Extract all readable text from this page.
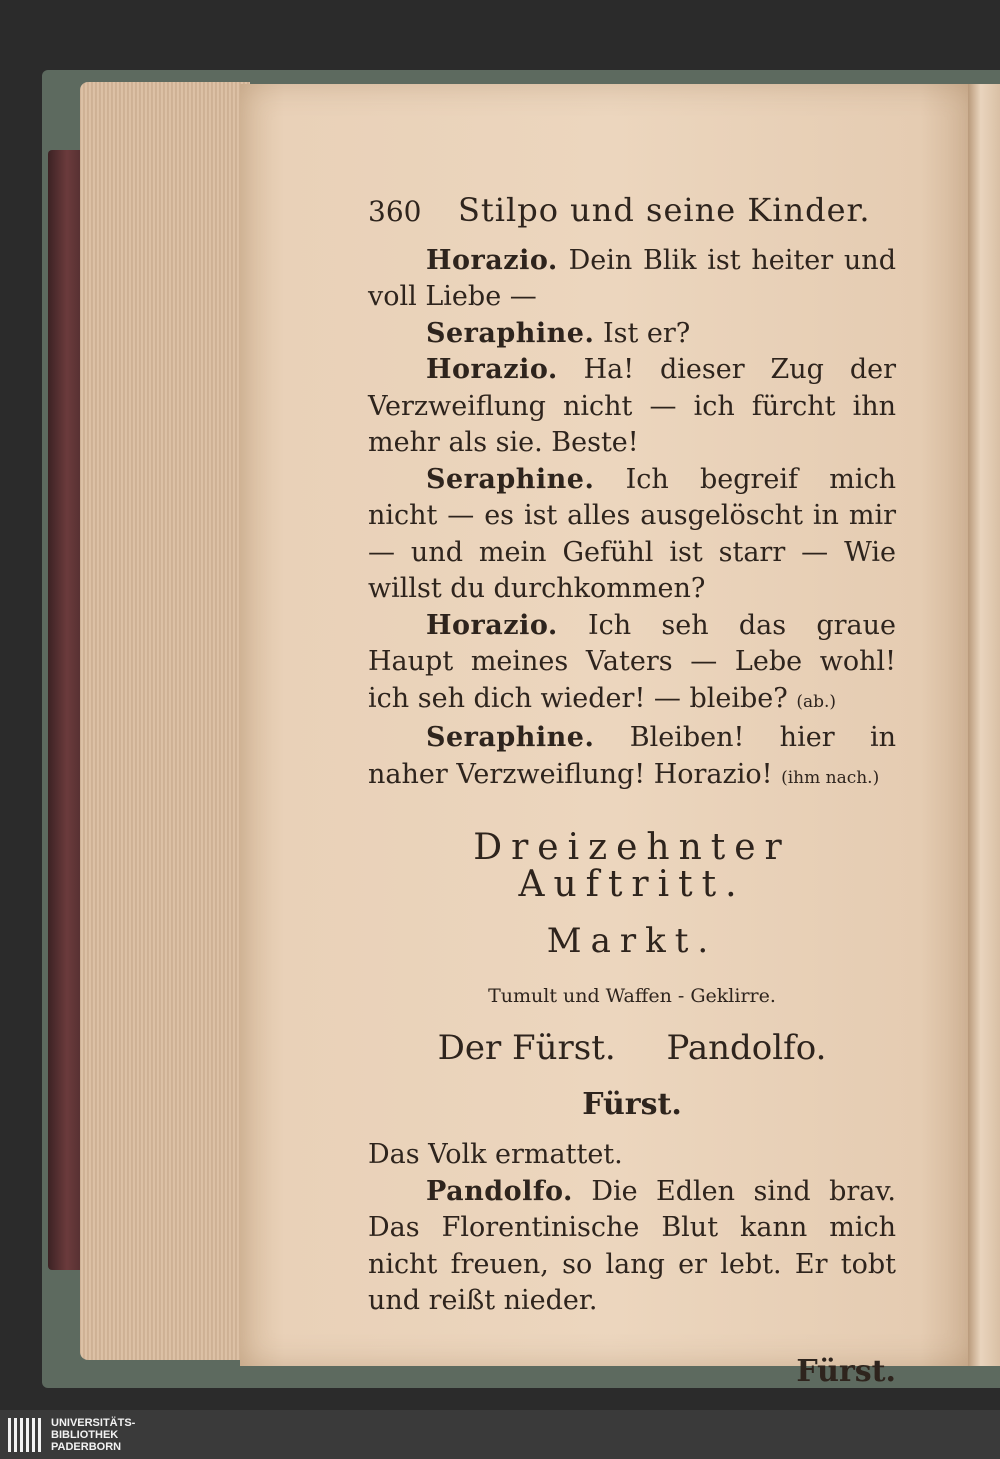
360	Stilpo und seine Kinder.

Horazio. Dein Blik ist heiter und voll Liebe —

Seraphine. Ist er?

Horazio. Ha! dieser Zug der Verzweiflung nicht — ich fürcht ihn mehr als sie. Beste!

Seraphine. Ich begreif mich nicht — es ist alles ausgelöscht in mir — und mein Gefühl ist starr — Wie willst du durchkommen?

Horazio. Ich seh das graue Haupt meines Vaters — Lebe wohl! ich seh dich wieder! — bleibe? (ab.)

Seraphine. Bleiben! hier in naher Verzweiflung! Horazio! (ihm nach.)

Dreizehnter Auftritt.
Markt.
Tumult und Waffen - Geklirre.
Der Fürst. Pandolfo.
Fürst.

Das Volk ermattet.

Pandolfo. Die Edlen sind brav. Das Florentinische Blut kann mich nicht freuen, so lang er lebt. Er tobt und reißt nieder.

Fürst.
UNIVERSITÄTS-
BIBLIOTHEK
PADERBORN
